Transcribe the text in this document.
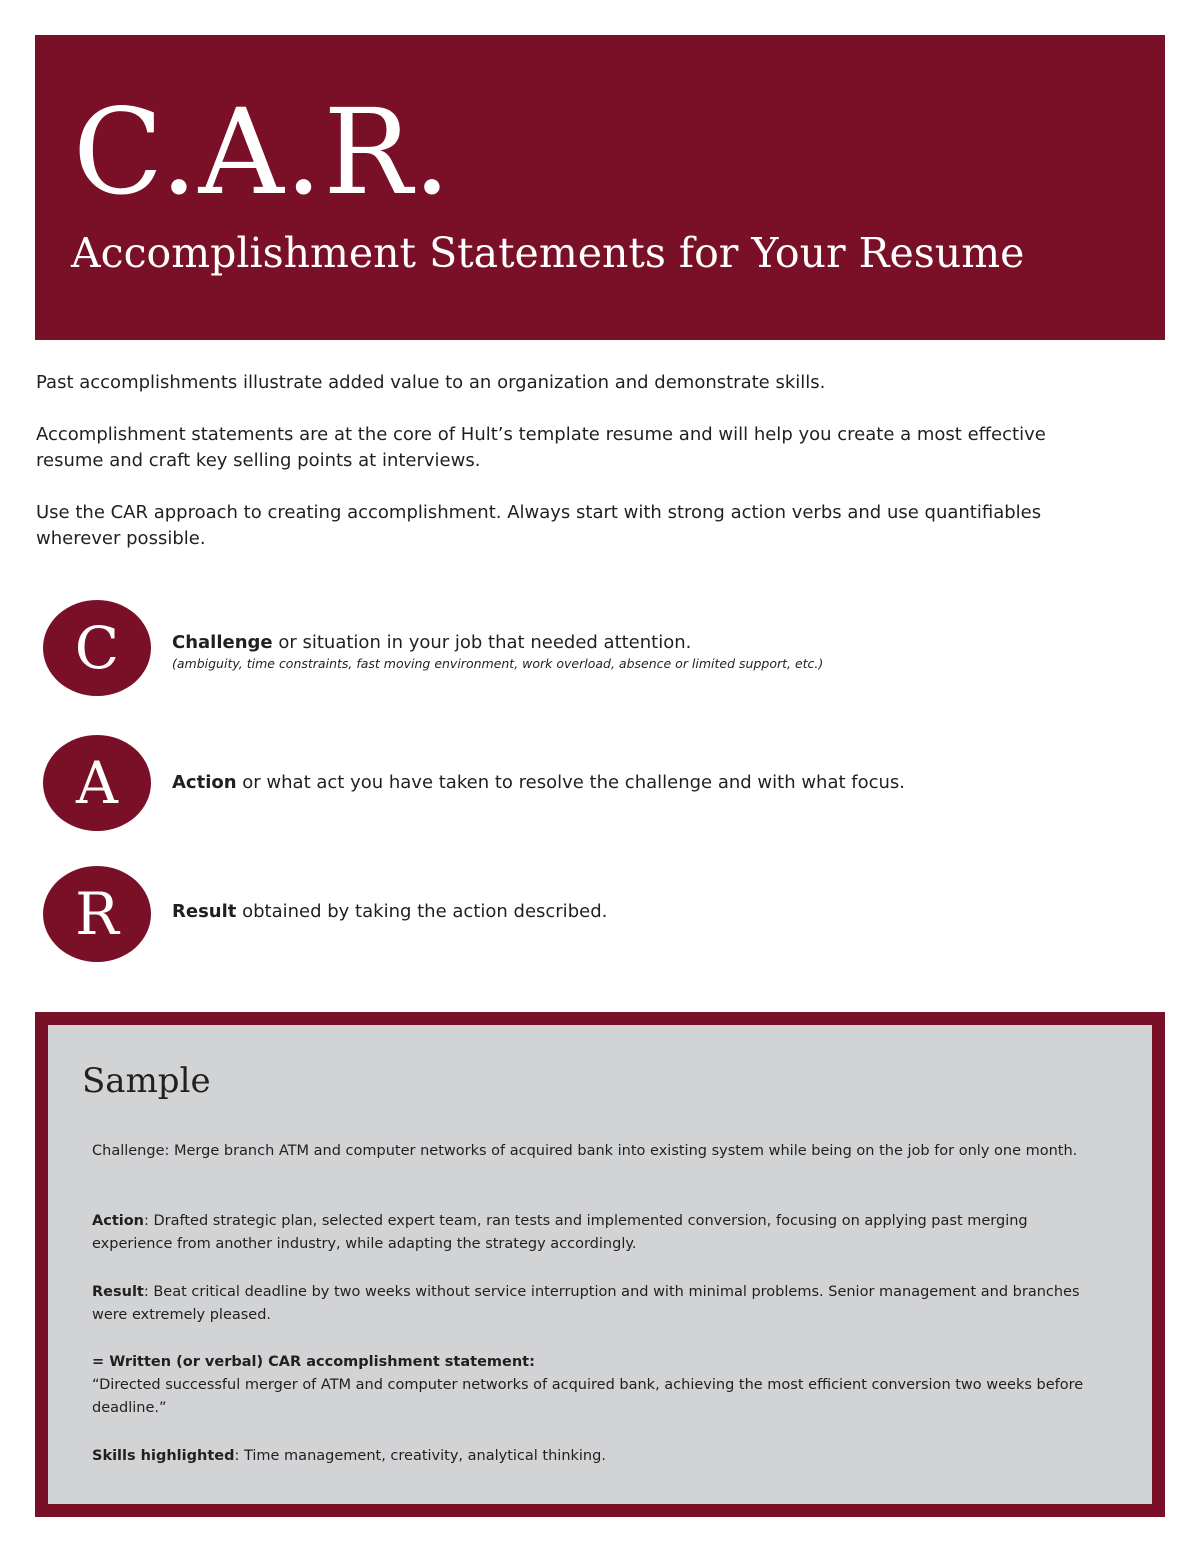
C.A.R.
Accomplishment Statements for Your Resume

Past accomplishments illustrate added value to an organization and demonstrate skills.

Accomplishment statements are at the core of Hult’s template resume and will help you create a most effective resume and craft key selling points at interviews.

Use the CAR approach to creating accomplishment. Always start with strong action verbs and use quantifiables wherever possible.

C	Challenge or situation in your job that needed attention.
(ambiguity, time constraints, fast moving environment, work overload, absence or limited support, etc.)
A	Action or what act you have taken to resolve the challenge and with what focus.
R	Result obtained by taking the action described.
Sample

Challenge: Merge branch ATM and computer networks of acquired bank into existing system while being on the job for only one month.

Action: Drafted strategic plan, selected expert team, ran tests and implemented conversion, focusing on applying past merging experience from another industry, while adapting the strategy accordingly.

Result: Beat critical deadline by two weeks without service interruption and with minimal problems. Senior management and branches were extremely pleased.

= Written (or verbal) CAR accomplishment statement:
“Directed successful merger of ATM and computer networks of acquired bank, achieving the most efficient conversion two weeks before deadline.”

Skills highlighted: Time management, creativity, analytical thinking.
